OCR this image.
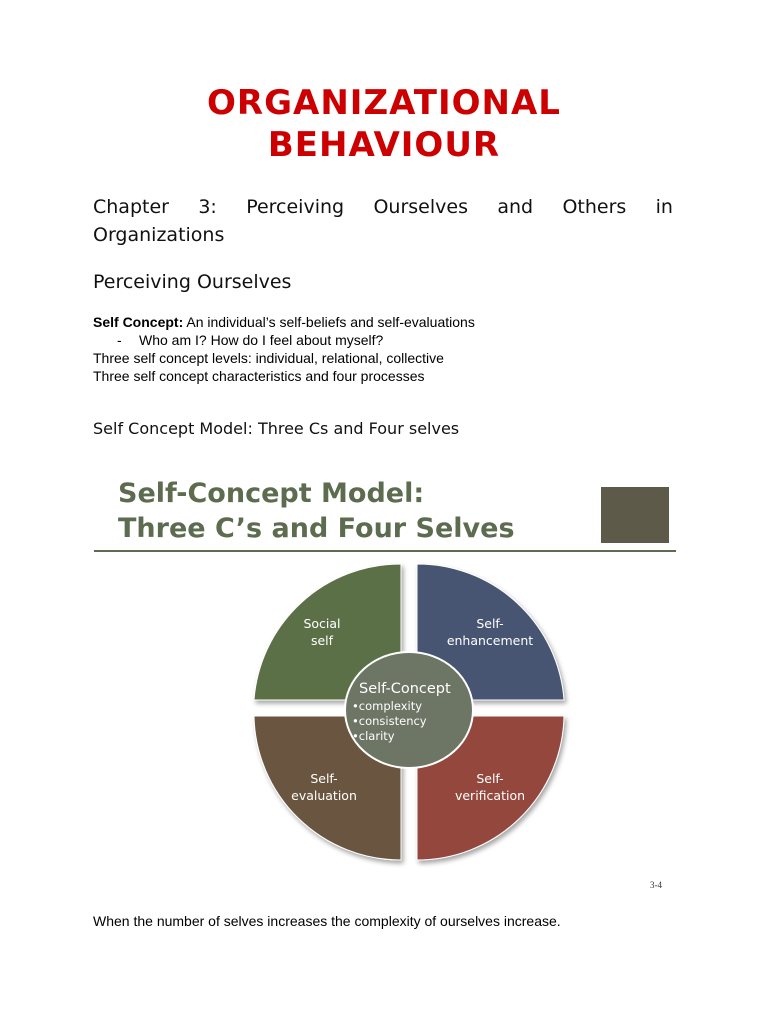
ORGANIZATIONAL
BEHAVIOUR
Chapter 3: Perceiving Ourselves and Others in
Organizations
Perceiving Ourselves
Self Concept: An individual’s self-beliefs and self-evaluations
- Who am I? How do I feel about myself?
Three self concept levels: individual, relational, collective
Three self concept characteristics and four processes
Self Concept Model: Three Cs and Four selves
Self-Concept Model:
Three C’s and Four Selves
Social
self
Self-
enhancement
Self-
evaluation
Self-
verification
Self-Concept
•complexity
•consistency
•clarity
3-4
When the number of selves increases the complexity of ourselves increase.
